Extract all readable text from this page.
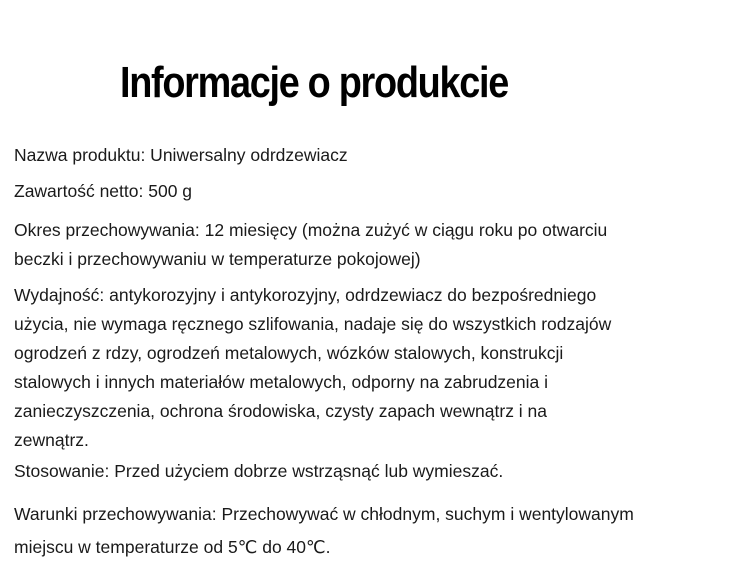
Informacje o produkcie

Nazwa produktu: Uniwersalny odrdzewiacz

Zawartość netto: 500 g

Okres przechowywania: 12 miesięcy (można zużyć w ciągu roku po otwarciu
beczki i przechowywaniu w temperaturze pokojowej)
Wydajność: antykorozyjny i antykorozyjny, odrdzewiacz do bezpośredniego
użycia, nie wymaga ręcznego szlifowania, nadaje się do wszystkich rodzajów
ogrodzeń z rdzy, ogrodzeń metalowych, wózków stalowych, konstrukcji
stalowych i innych materiałów metalowych, odporny na zabrudzenia i
zanieczyszczenia, ochrona środowiska, czysty zapach wewnątrz i na
zewnątrz.

Stosowanie: Przed użyciem dobrze wstrząsnąć lub wymieszać.

Warunki przechowywania: Przechowywać w chłodnym, suchym i wentylowanym
miejscu w temperaturze od 5℃ do 40℃.
